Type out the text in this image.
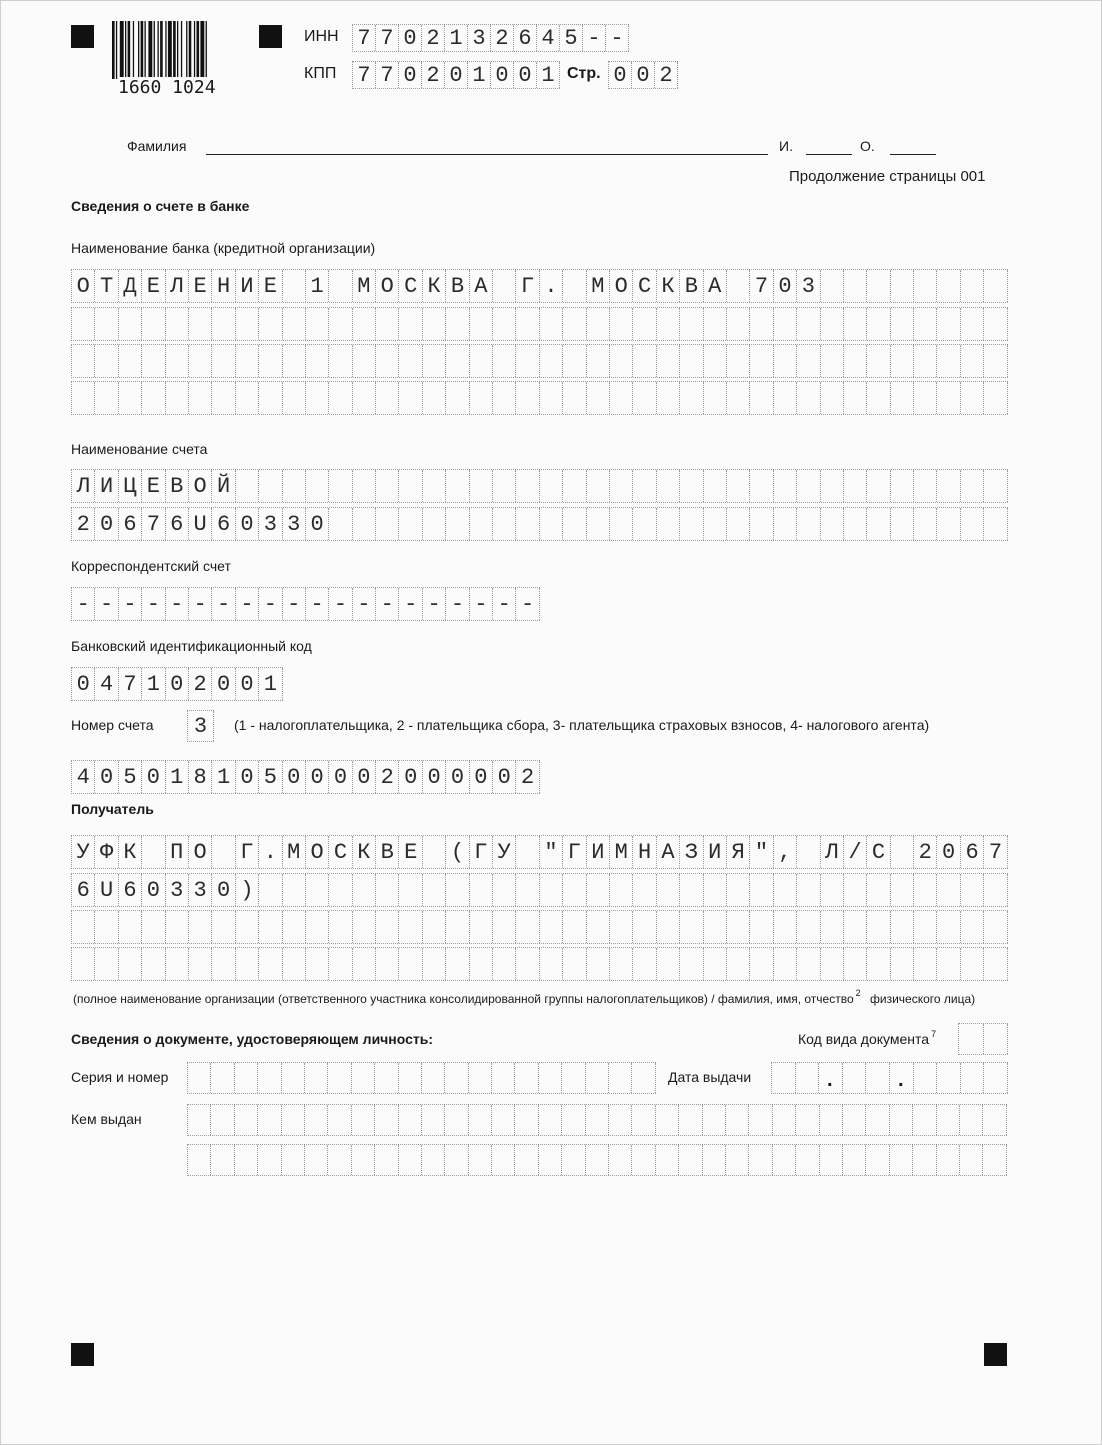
1660 1024
ИНН 7 7 0 2 1 3 2 6 4 5 - -
КПП 7 7 0 2 0 1 0 0 1 Стр. 0 0 2
Фамилия	И.	О.
Продолжение страницы 001
Сведения о счете в банке
Наименование банка (кредитной организации)
О Т Д Е Л Е Н И Е 1 М О С К В А Г . М О С К В А 7 0 3
Наименование счета
Л И Ц Е В О Й
2 0 6 7 6 U 6 0 3 3 0
Корреспондентский счет
- - - - - - - - - - - - - - - - - - - -
Банковский идентификационный код
0 4 7 1 0 2 0 0 1
Номер счета 3	(1 - налогоплательщика, 2 - плательщика сбора, 3- плательщика страховых взносов, 4- налогового агента)
4 0 5 0 1 8 1 0 5 0 0 0 0 2 0 0 0 0 0 2
Получатель
У Ф К П О Г . М О С К В Е ( Г У " Г И М Н А З И Я " , Л / С 2 0 6 7
6 U 6 0 3 3 0 )
(полное наименование организации (ответственного участника консолидированной группы налогоплательщиков) / фамилия, имя, отчество $^2$ физического лица)
Сведения о документе, удостоверяющем личность:	Код вида документа $^7$
Серия и номер	Дата выдачи	.	.
Кем выдан
